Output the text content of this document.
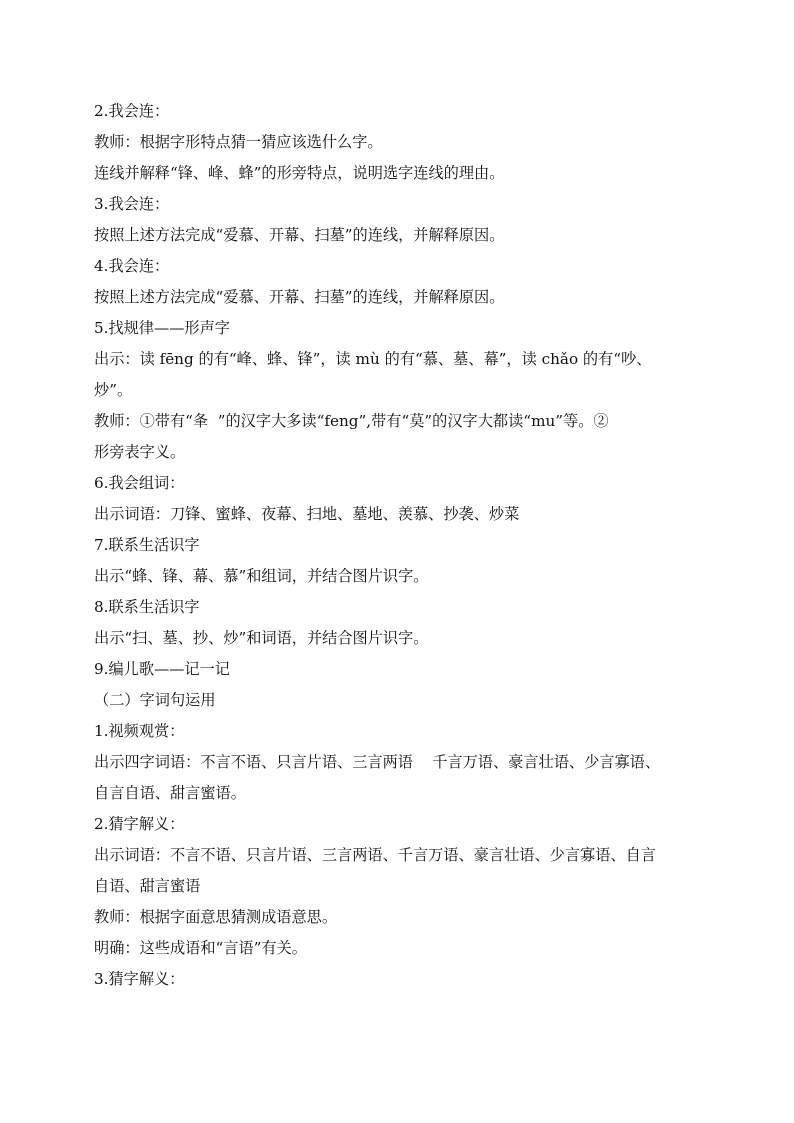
2.我会连：

教师：根据字形特点猜一猜应该选什么字。

连线并解释“锋、峰、蜂”的形旁特点，说明选字连线的理由。

3.我会连：

按照上述方法完成“爱慕、开幕、扫墓”的连线，并解释原因。

4.我会连：

按照上述方法完成“爱慕、开幕、扫墓”的连线，并解释原因。

5.找规律——形声字

出示：读 fēng 的有“峰、蜂、锋”，读 mù 的有“慕、墓、幕”，读 chǎo 的有“吵、

炒”。

教师：①带有“夆  ”的汉字大多读“feng”,带有“莫”的汉字大都读“mu”等。②

形旁表字义。

6.我会组词：

出示词语：刀锋、蜜蜂、夜幕、扫地、墓地、羡慕、抄袭、炒菜

7.联系生活识字

出示“蜂、锋、幕、慕”和组词，并结合图片识字。

8.联系生活识字

出示“扫、墓、抄、炒”和词语，并结合图片识字。

9.编儿歌——记一记

（二）字词句运用

1.视频观赏：

出示四字词语：不言不语、只言片语、三言两语    千言万语、豪言壮语、少言寡语、

自言自语、甜言蜜语。

2.猜字解义：

出示词语：不言不语、只言片语、三言两语、千言万语、豪言壮语、少言寡语、自言

自语、甜言蜜语

教师：根据字面意思猜测成语意思。

明确：这些成语和“言语”有关。

3.猜字解义：
